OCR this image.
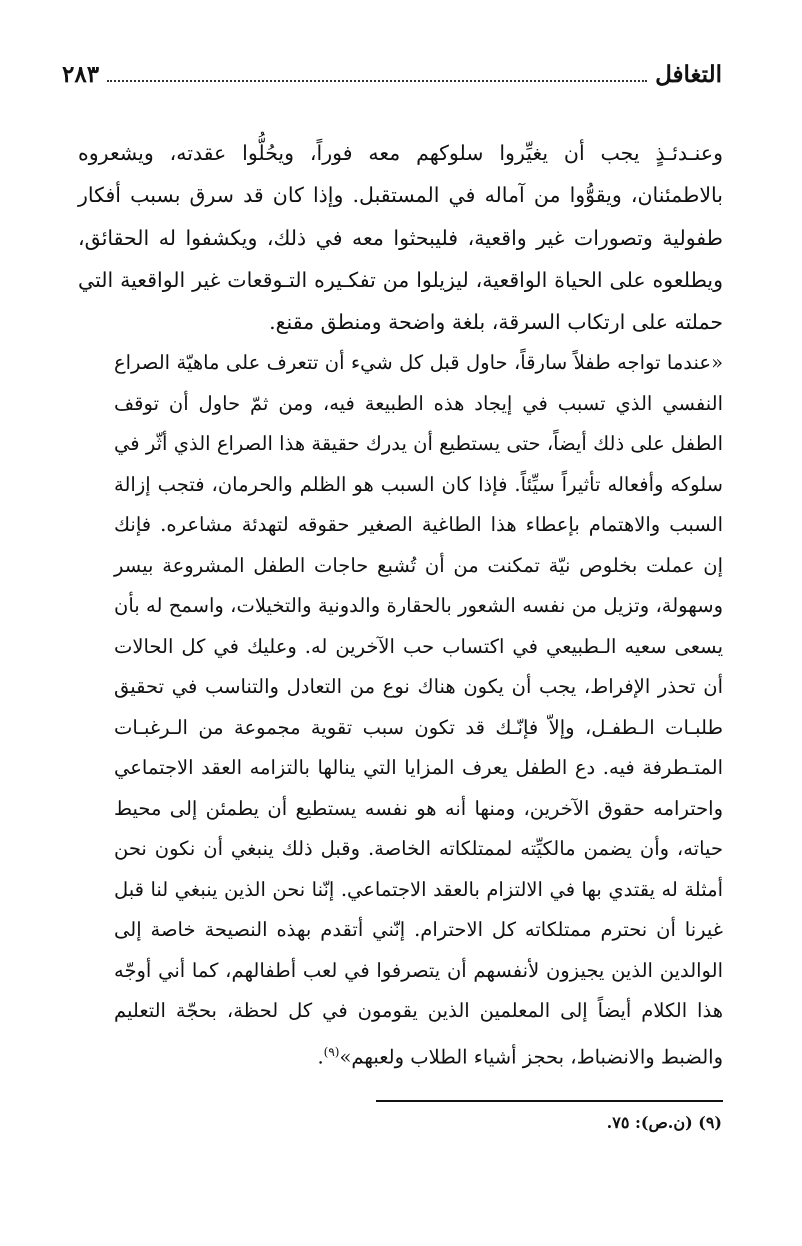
التغافل
٢٨٣

وعنـدئـذٍ يجب أن يغيِّروا سلوكهم معه فوراً، ويحُلُّوا عقدته، ويشعروه بالاطمئنان، ويقوُّوا من آماله في المستقبل. وإذا كان قد سرق بسبب أفكار طفولية وتصورات غير واقعية، فليبحثوا معه في ذلك، ويكشفوا له الحقائق، ويطلعوه على الحياة الواقعية، ليزيلوا من تفكـيره التـوقعات غير الواقعية التي حملته على ارتكاب السرقة، بلغة واضحة ومنطق مقنع.

«عندما تواجه طفلاً سارقاً، حاول قبل كل شيء أن تتعرف على ماهيّة الصراع النفسي الذي تسبب في إيجاد هذه الطبيعة فيه، ومن ثمّ حاول أن توقف الطفل على ذلك أيضاً، حتى يستطيع أن يدرك حقيقة هذا الصراع الذي أثّر في سلوكه وأفعاله تأثيراً سيِّئاً. فإذا كان السبب هو الظلم والحرمان، فتجب إزالة السبب والاهتمام بإعطاء هذا الطاغية الصغير حقوقه لتهدئة مشاعره. فإنك إن عملت بخلوص نيّة تمكنت من أن تُشبع حاجات الطفل المشروعة بيسر وسهولة، وتزيل من نفسه الشعور بالحقارة والدونية والتخيلات، واسمح له بأن يسعى سعيه الـطبيعي في اكتساب حب الآخرين له. وعليك في كل الحالات أن تحذر الإفراط، يجب أن يكون هناك نوع من التعادل والتناسب في تحقيق طلبـات الـطفـل، وإلاّ فإنّـك قد تكون سبب تقوية مجموعة من الـرغبـات المتـطرفة فيه. دع الطفل يعرف المزايا التي ينالها بالتزامه العقد الاجتماعي واحترامه حقوق الآخرين، ومنها أنه هو نفسه يستطيع أن يطمئن إلى محيط حياته، وأن يضمن مالكيِّته لممتلكاته الخاصة. وقبل ذلك ينبغي أن نكون نحن أمثلة له يقتدي بها في الالتزام بالعقد الاجتماعي. إنّنا نحن الذين ينبغي لنا قبل غيرنا أن نحترم ممتلكاته كل الاحترام. إنّني أتقدم بهذه النصيحة خاصة إلى الوالدين الذين يجيزون لأنفسهم أن يتصرفوا في لعب أطفالهم، كما أني أوجّه هذا الكلام أيضاً إلى المعلمين الذين يقومون في كل لحظة، بحجّة التعليم والضبط والانضباط، بحجز أشياء الطلاب ولعبهم»$^{(٩)}$.

(٩) (ن.ص): ٧٥.
